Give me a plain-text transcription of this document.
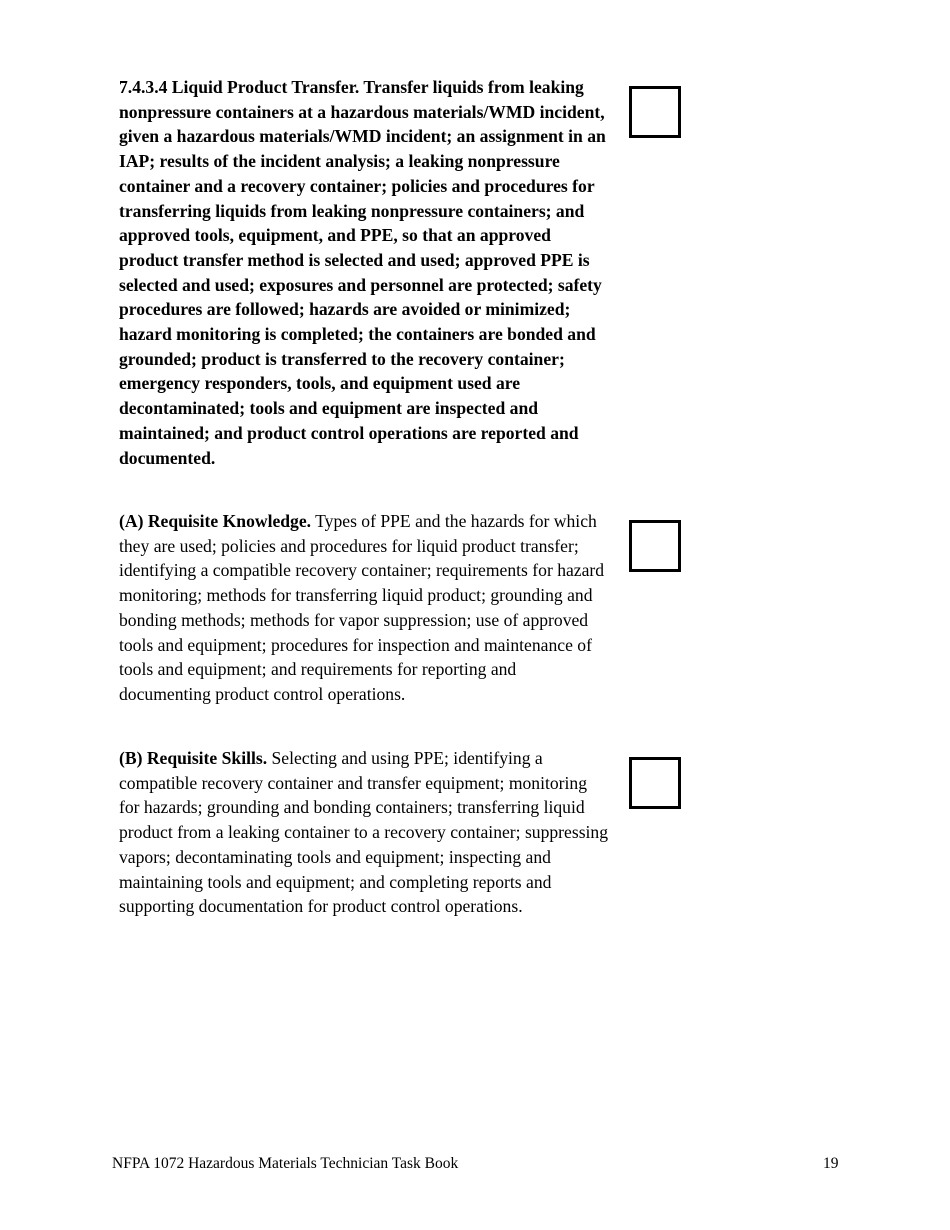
7.4.3.4 Liquid Product Transfer. Transfer liquids from leaking nonpressure containers at a hazardous materials/WMD incident, given a hazardous materials/WMD incident; an assignment in an IAP; results of the incident analysis; a leaking nonpressure container and a recovery container; policies and procedures for transferring liquids from leaking nonpressure containers; and approved tools, equipment, and PPE, so that an approved product transfer method is selected and used; approved PPE is selected and used; exposures and personnel are protected; safety procedures are followed; hazards are avoided or minimized; hazard monitoring is completed; the containers are bonded and grounded; product is transferred to the recovery container; emergency responders, tools, and equipment used are decontaminated; tools and equipment are inspected and maintained; and product control operations are reported and documented.

(A) Requisite Knowledge. Types of PPE and the hazards for which they are used; policies and procedures for liquid product transfer; identifying a compatible recovery container; requirements for hazard monitoring; methods for transferring liquid product; grounding and bonding methods; methods for vapor suppression; use of approved tools and equipment; procedures for inspection and maintenance of tools and equipment; and requirements for reporting and documenting product control operations.

(B) Requisite Skills. Selecting and using PPE; identifying a compatible recovery container and transfer equipment; monitoring for hazards; grounding and bonding containers; transferring liquid product from a leaking container to a recovery container; suppressing vapors; decontaminating tools and equipment; inspecting and maintaining tools and equipment; and completing reports and supporting documentation for product control operations.

NFPA 1072 Hazardous Materials Technician Task Book	19
